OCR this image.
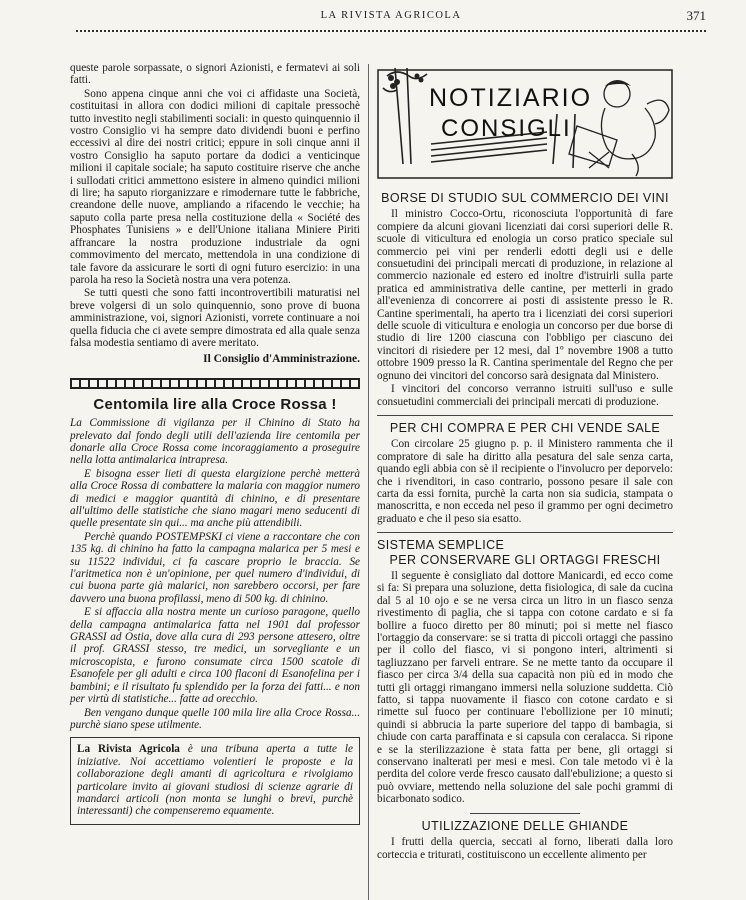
LA RIVISTA AGRICOLA	371

queste parole sorpassate, o signori Azionisti, e fermatevi ai soli fatti.

Sono appena cinque anni che voi ci affidaste una Società, costituitasi in allora con dodici milioni di capitale pressochè tutto investito negli stabilimenti sociali: in questo quinquennio il vostro Consiglio vi ha sempre dato dividendi buoni e perfino eccessivi al dire dei nostri critici; eppure in soli cinque anni il vostro Consiglio ha saputo portare da dodici a venticinque milioni il capitale sociale; ha saputo costituire riserve che anche i sullodati critici ammettono esistere in almeno quindici milioni di lire; ha saputo riorganizzare e rimodernare tutte le fabbriche, creandone delle nuove, ampliando a rifacendo le vecchie; ha saputo colla parte presa nella costituzione della « Société des Phosphates Tunisiens » e dell'Unione italiana Miniere Piriti affrancare la nostra produzione industriale da ogni commovimento del mercato, mettendola in una condizione di tale favore da assicurare le sorti di ogni futuro esercizio: in una parola ha reso la Società nostra una vera potenza.

Se tutti questi che sono fatti incontrovertibili maturatisi nel breve volgersi di un solo quinquennio, sono prove di buona amministrazione, voi, signori Azionisti, vorrete continuare a noi quella fiducia che ci avete sempre dimostrata ed alla quale senza falsa modestia sentiamo di avere meritato.

Il Consiglio d'Amministrazione.
Centomila lire alla Croce Rossa !

La Commissione di vigilanza per il Chinino di Stato ha prelevato dal fondo degli utili dell'azienda lire centomila per donarle alla Croce Rossa come incoraggiamento a proseguire nella lotta antimalarica intrapresa.

E bisogna esser lieti di questa elargizione perchè metterà alla Croce Rossa di combattere la malaria con maggior numero di medici e maggior quantità di chinino, e di presentare all'ultimo delle statistiche che siano magari meno seducenti di quelle presentate sin qui... ma anche più attendibili.

Perchè quando POSTEMPSKI ci viene a raccontare che con 135 kg. di chinino ha fatto la campagna malarica per 5 mesi e su 11522 individui, ci fa cascare proprio le braccia. Se l'aritmetica non è un'opinione, per quel numero d'individui, di cui buona parte già malarici, non sarebbero occorsi, per fare davvero una buona profilassi, meno di 500 kg. di chinino.

E si affaccia alla nostra mente un curioso paragone, quello della campagna antimalarica fatta nel 1901 dal professor GRASSI ad Ostia, dove alla cura di 293 persone attesero, oltre il prof. GRASSI stesso, tre medici, un sorvegliante e un microscopista, e furono consumate circa 1500 scatole di Esanofele per gli adulti e circa 100 flaconi di Esanofelina per i bambini; e il risultato fu splendido per la forza dei fatti... e non per virtù di statistiche... fatte ad orecchio.

Ben vengano dunque quelle 100 mila lire alla Croce Rossa... purchè siano spese utilmente.

La Rivista Agricola è una tribuna aperta a tutte le iniziative. Noi accettiamo volentieri le proposte e la collaborazione degli amanti di agricoltura e rivolgiamo particolare invito ai giovani studiosi di scienze agrarie di mandarci articoli (non monta se lunghi o brevi, purchè interessanti) che compenseremo equamente.

NOTIZIARIO
CONSIGLI
BORSE DI STUDIO SUL COMMERCIO DEI VINI

Il ministro Cocco-Ortu, riconosciuta l'opportunità di fare compiere da alcuni giovani licenziati dai corsi superiori delle R. scuole di viticultura ed enologia un corso pratico speciale sul commercio pei vini per renderli edotti degli usi e delle consuetudini dei principali mercati di produzione, in relazione al commercio nazionale ed estero ed inoltre d'istruirli sulla parte pratica ed amministrativa delle cantine, per metterli in grado all'evenienza di concorrere ai posti di assistente presso le R. Cantine sperimentali, ha aperto tra i licenziati dei corsi superiori delle scuole di viticultura e enologia un concorso per due borse di studio di lire 1200 ciascuna con l'obbligo per ciascuno dei vincitori di risiedere per 12 mesi, dal 1º novembre 1908 a tutto ottobre 1909 presso la R. Cantina sperimentale del Regno che per ognuno dei vincitori del concorso sarà designata dal Ministero.

I vincitori del concorso verranno istruiti sull'uso e sulle consuetudini commerciali dei principali mercati di produzione.

PER CHI COMPRA E PER CHI VENDE SALE

Con circolare 25 giugno p. p. il Ministero rammenta che il compratore di sale ha diritto alla pesatura del sale senza carta, quando egli abbia con sè il recipiente o l'involucro per deporvelo: che i rivenditori, in caso contrario, possono pesare il sale con carta da essi fornita, purchè la carta non sia sudicia, stampata o manoscritta, e non ecceda nel peso il grammo per ogni decimetro graduato e che il peso sia esatto.

SISTEMA SEMPLICE
PER CONSERVARE GLI ORTAGGI FRESCHI

Il seguente è consigliato dal dottore Manicardi, ed ecco come si fa: Si prepara una soluzione, detta fisiologica, di sale da cucina dal 5 al 10 ojo e se ne versa circa un litro in un fiasco senza rivestimento di paglia, che si tappa con cotone cardato e si fa bollire a fuoco diretto per 80 minuti; poi si mette nel fiasco l'ortaggio da conservare: se si tratta di piccoli ortaggi che passino per il collo del fiasco, vi si pongono interi, altrimenti si tagliuzzano per farveli entrare. Se ne mette tanto da occupare il fiasco per circa 3/4 della sua capacità non più ed in modo che tutti gli ortaggi rimangano immersi nella soluzione suddetta. Ciò fatto, si tappa nuovamente il fiasco con cotone cardato e si rimette sul fuoco per continuare l'ebollizione per 10 minuti; quindi si abbrucia la parte superiore del tappo di bambagia, si chiude con carta paraffinata e si capsula con ceralacca. Si ripone e se la sterilizzazione è stata fatta per bene, gli ortaggi si conservano inalterati per mesi e mesi. Con tale metodo vi è la perdita del colore verde fresco causato dall'ebulizione; a questo si può ovviare, mettendo nella soluzione del sale pochi grammi di bicarbonato sodico.

UTILIZZAZIONE DELLE GHIANDE

I frutti della quercia, seccati al forno, liberati dalla loro corteccia e triturati, costituiscono un eccellente alimento per
